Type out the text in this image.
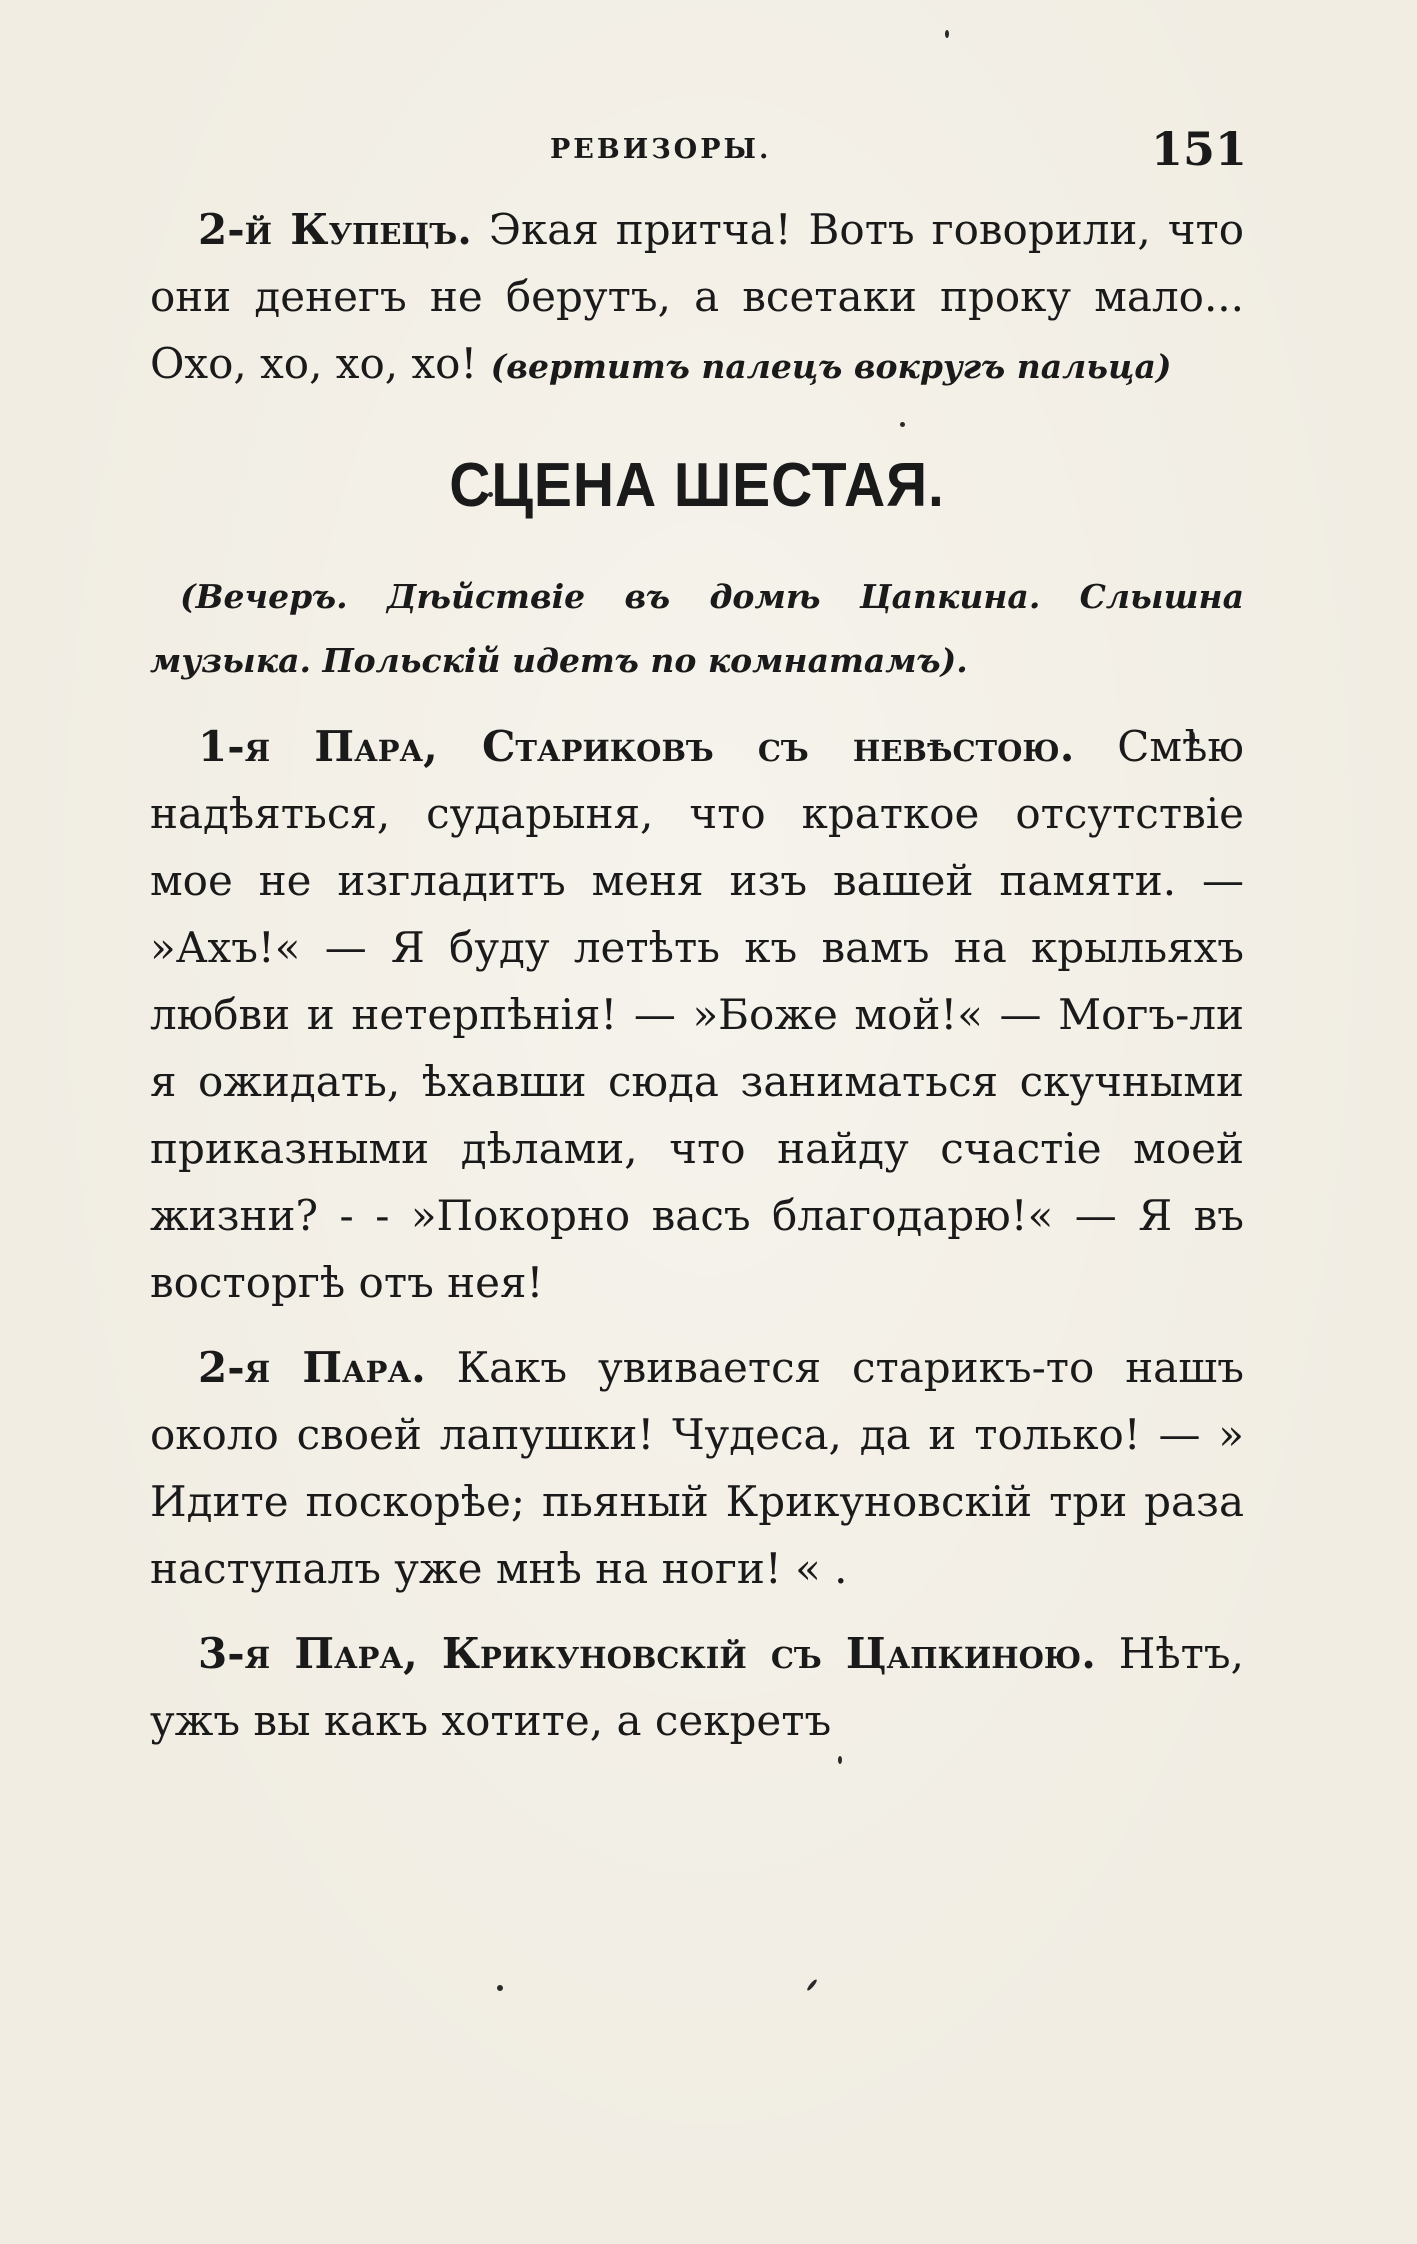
РЕВИЗОРЫ.	151

2-й Купецъ. Экая притча! Вотъ говорили, что они денегъ не берутъ, а всетаки проку мало... Охо, хо, хо, хо! (вертитъ палецъ вокругъ пальца)

СЦЕНА ШЕСТАЯ.

(Вечеръ. Дѣйствіе въ домѣ Цапкина. Слышна музыка. Польскій идетъ по комнатамъ).

1-я Пара, Стариковъ съ невѣстою. Смѣю надѣяться, сударыня, что краткое отсутствіе мое не изгладитъ меня изъ вашей памяти. — »Ахъ!« — Я буду летѣть къ вамъ на крыльяхъ любви и нетерпѣнія! — »Боже мой!« — Могъ-ли я ожидать, ѣхавши сюда заниматься скучными приказными дѣлами, что найду счастіе моей жизни? - - »Покорно васъ благодарю!« — Я въ восторгѣ отъ нея!

2-я Пара. Какъ увивается старикъ-то нашъ около своей лапушки! Чудеса, да и только! — » Идите поскорѣе; пьяный Крикуновскій три раза наступалъ уже мнѣ на ноги! « .

3-я Пара, Крикуновскій съ Цапкиною. Нѣтъ, ужъ вы какъ хотите, а секретъ
